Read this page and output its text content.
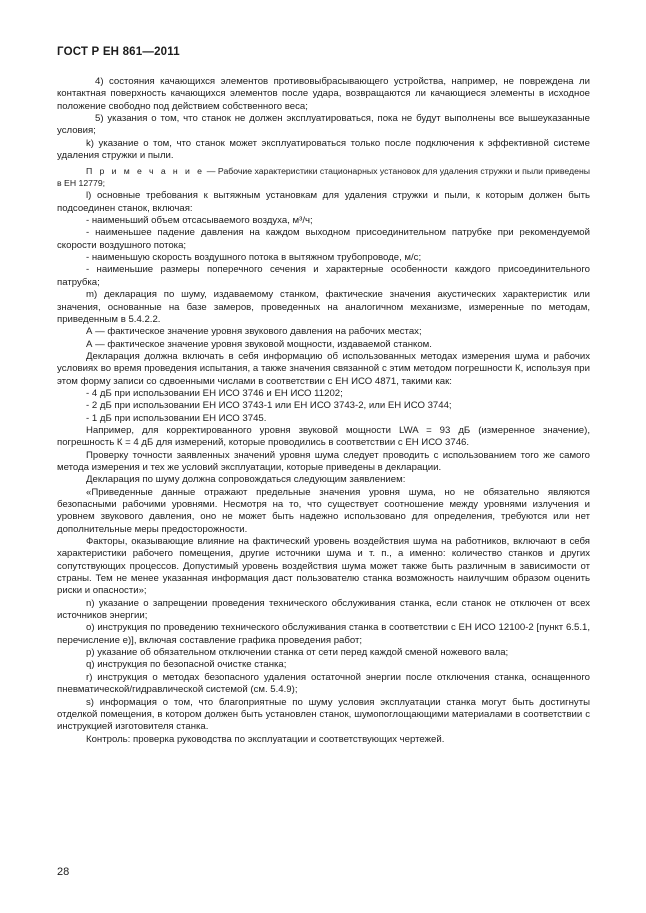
ГОСТ Р ЕН 861—2011

4) состояния качающихся элементов противовыбрасывающего устройства, например, не повреждена ли контактная поверхность качающихся элементов после удара, возвращаются ли качающиеся элементы в исходное положение свободно под действием собственного веса;

5) указания о том, что станок не должен эксплуатироваться, пока не будут выполнены все вышеуказанные условия;

k) указание о том, что станок может эксплуатироваться только после подключения к эффективной системе удаления стружки и пыли.

П р и м е ч а н и е — Рабочие характеристики стационарных установок для удаления стружки и пыли приведены в ЕН 12779;

l) основные требования к вытяжным установкам для удаления стружки и пыли, к которым должен быть подсоединен станок, включая:

- наименьший объем отсасываемого воздуха, м³/ч;

- наименьшее падение давления на каждом выходном присоединительном патрубке при рекомендуемой скорости воздушного потока;

- наименьшую скорость воздушного потока в вытяжном трубопроводе, м/с;

- наименьшие размеры поперечного сечения и характерные особенности каждого присоединительного патрубка;

m) декларация по шуму, издаваемому станком, фактические значения акустических характеристик или значения, основанные на базе замеров, проведенных на аналогичном механизме, измеренные по методам, приведенным в 5.4.2.2.

А — фактическое значение уровня звукового давления на рабочих местах;

А — фактическое значение уровня звуковой мощности, издаваемой станком.

Декларация должна включать в себя информацию об использованных методах измерения шума и рабочих условиях во время проведения испытания, а также значения связанной с этим методом погрешности К, используя при этом форму записи со сдвоенными числами в соответствии с ЕН ИСО 4871, такими как:

- 4 дБ при использовании ЕН ИСО 3746 и ЕН ИСО 11202;

- 2 дБ при использовании ЕН ИСО 3743-1 или ЕН ИСО 3743-2, или ЕН ИСО 3744;

- 1 дБ при использовании ЕН ИСО 3745.

Например, для корректированного уровня звуковой мощности LWA = 93 дБ (измеренное значение), погрешность К = 4 дБ для измерений, которые проводились в соответствии с ЕН ИСО 3746.

Проверку точности заявленных значений уровня шума следует проводить с использованием того же самого метода измерения и тех же условий эксплуатации, которые приведены в декларации.

Декларация по шуму должна сопровождаться следующим заявлением:

«Приведенные данные отражают предельные значения уровня шума, но не обязательно являются безопасными рабочими уровнями. Несмотря на то, что существует соотношение между уровнями излучения и уровнем звукового давления, оно не может быть надежно использовано для определения, требуются или нет дополнительные меры предосторожности.

Факторы, оказывающие влияние на фактический уровень воздействия шума на работников, включают в себя характеристики рабочего помещения, другие источники шума и т. п., а именно: количество станков и других сопутствующих процессов. Допустимый уровень воздействия шума может также быть различным в зависимости от страны. Тем не менее указанная информация даст пользователю станка возможность наилучшим образом оценить риски и опасности»;

n) указание о запрещении проведения технического обслуживания станка, если станок не отключен от всех источников энергии;

o) инструкция по проведению технического обслуживания станка в соответствии с ЕН ИСО 12100-2 [пункт 6.5.1, перечисление е)], включая составление графика проведения работ;

p) указание об обязательном отключении станка от сети перед каждой сменой ножевого вала;

q) инструкция по безопасной очистке станка;

r) инструкция о методах безопасного удаления остаточной энергии после отключения станка, оснащенного пневматической/гидравлической системой (см. 5.4.9);

s) информация о том, что благоприятные по шуму условия эксплуатации станка могут быть достигнуты отделкой помещения, в котором должен быть установлен станок, шумопоглощающими материалами в соответствии с инструкцией изготовителя станка.

Контроль: проверка руководства по эксплуатации и соответствующих чертежей.

28
